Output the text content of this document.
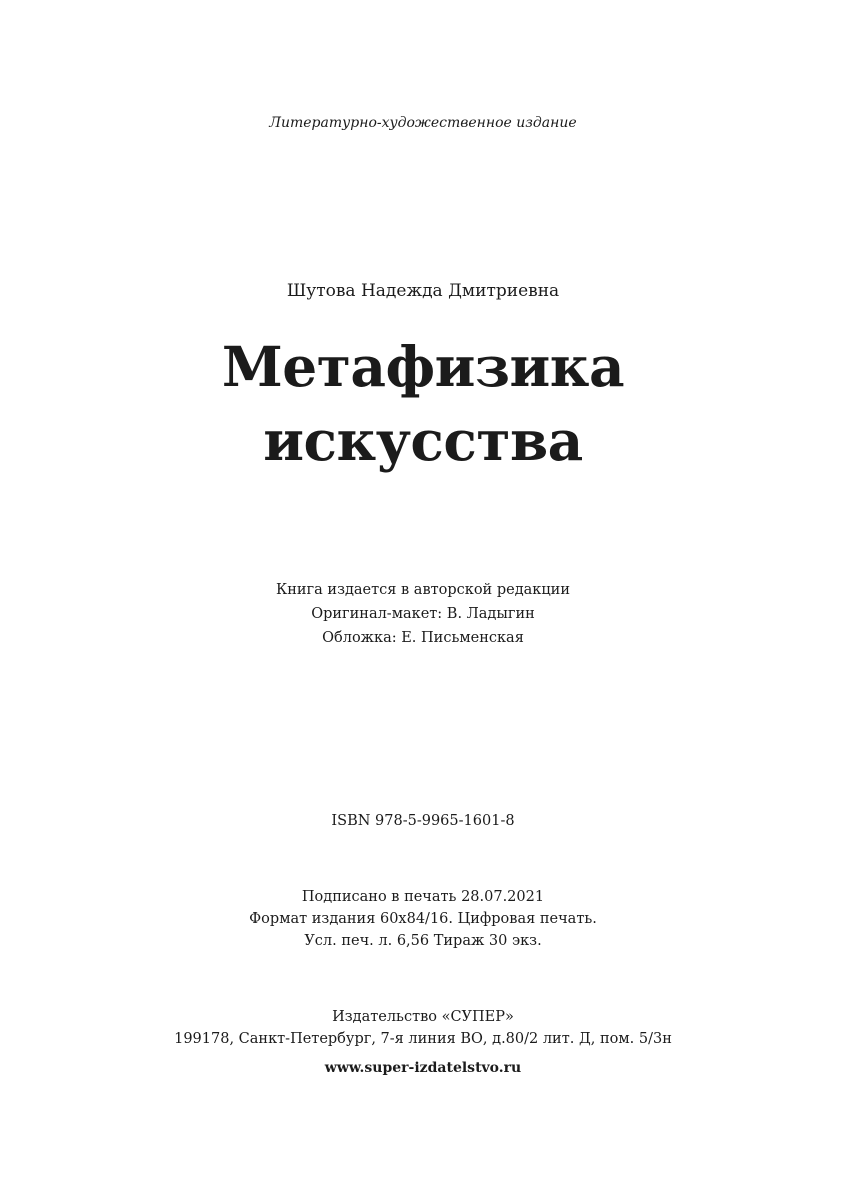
Литературно-художественное издание
Шутова Надежда Дмитриевна
Метафизика
искусства
Книга издается в авторской редакции
Оригинал-макет: В. Ладыгин
Обложка: Е. Письменская
ISBN 978-5-9965-1601-8
Подписано в печать 28.07.2021
Формат издания 60х84/16. Цифровая печать.
Усл. печ. л. 6,56 Тираж 30 экз.
Издательство «СУПЕР»
199178, Санкт-Петербург, 7-я линия ВО, д.80/2 лит. Д, пом. 5/3н
www.super-izdatelstvo.ru
